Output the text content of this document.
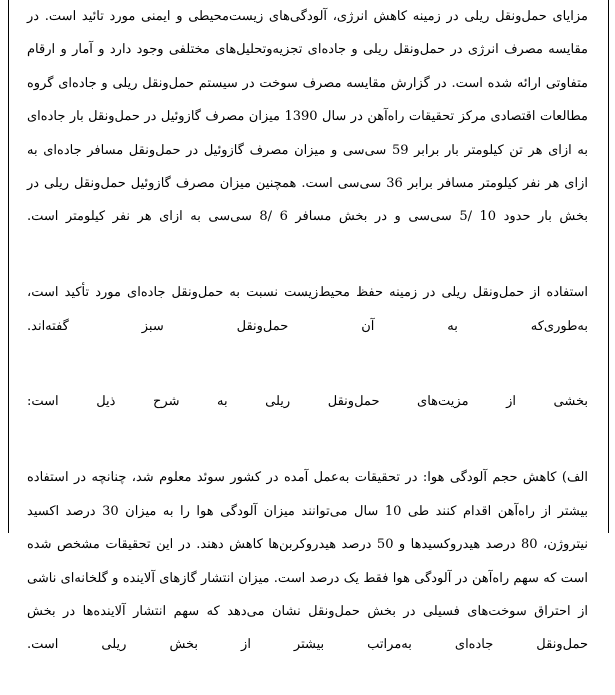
مزایای حمل‌ونقل ریلی در زمینه کاهش انرژی، آلودگی‌های زیست‌محیطی و ایمنی مورد تائید است. در مقایسه مصرف انرژی در حمل‌ونقل ریلی و جاده‌ای تجزیه‌وتحلیل‌های مختلفی وجود دارد و آمار و ارقام متفاوتی ارائه شده است. در گزارش مقایسه مصرف سوخت در سیستم حمل‌ونقل ریلی و جاده‌ای گروه مطالعات اقتصادی مرکز تحقیقات راه‌آهن در سال 1390 میزان مصرف گازوئیل در حمل‌ونقل بار جاده‌ای به ازای هر تن کیلومتر بار برابر 59 سی‌سی و میزان مصرف گازوئیل در حمل‌ونقل مسافر جاده‌ای به ازای هر نفر کیلومتر مسافر برابر 36 سی‌سی است. همچنین میزان مصرف گازوئیل حمل‌ونقل ریلی در بخش بار حدود 10 /5 سی‌سی و در بخش مسافر 6 /8 سی‌سی به ازای هر نفر کیلومتر است.

استفاده از حمل‌ونقل ریلی در زمینه حفظ محیط‌زیست نسبت به حمل‌ونقل جاده‌ای مورد تأکید است، به‌طوری‌که به آن حمل‌ونقل سبز گفته‌اند.

بخشی از مزیت‌های حمل‌ونقل ریلی به شرح ذیل است:

الف) کاهش حجم آلودگی هوا: در تحقیقات به‌عمل آمده در کشور سوئد معلوم شد، چنانچه در استفاده بیشتر از راه‌آهن اقدام کنند طی 10 سال می‌توانند میزان آلودگی هوا را به میزان 30 درصد اکسید نیتروژن، 80 درصد هیدروکسیدها و 50 درصد هیدروکربن‌ها کاهش دهند. در این تحقیقات مشخص شده است که سهم راه‌آهن در آلودگی هوا فقط یک درصد است. میزان انتشار گازهای آلاینده و گلخانه‌ای ناشی از احتراق سوخت‌های فسیلی در بخش حمل‌ونقل نشان می‌دهد که سهم انتشار آلاینده‌ها در بخش حمل‌ونقل جاده‌ای به‌مراتب بیشتر از بخش ریلی است.
